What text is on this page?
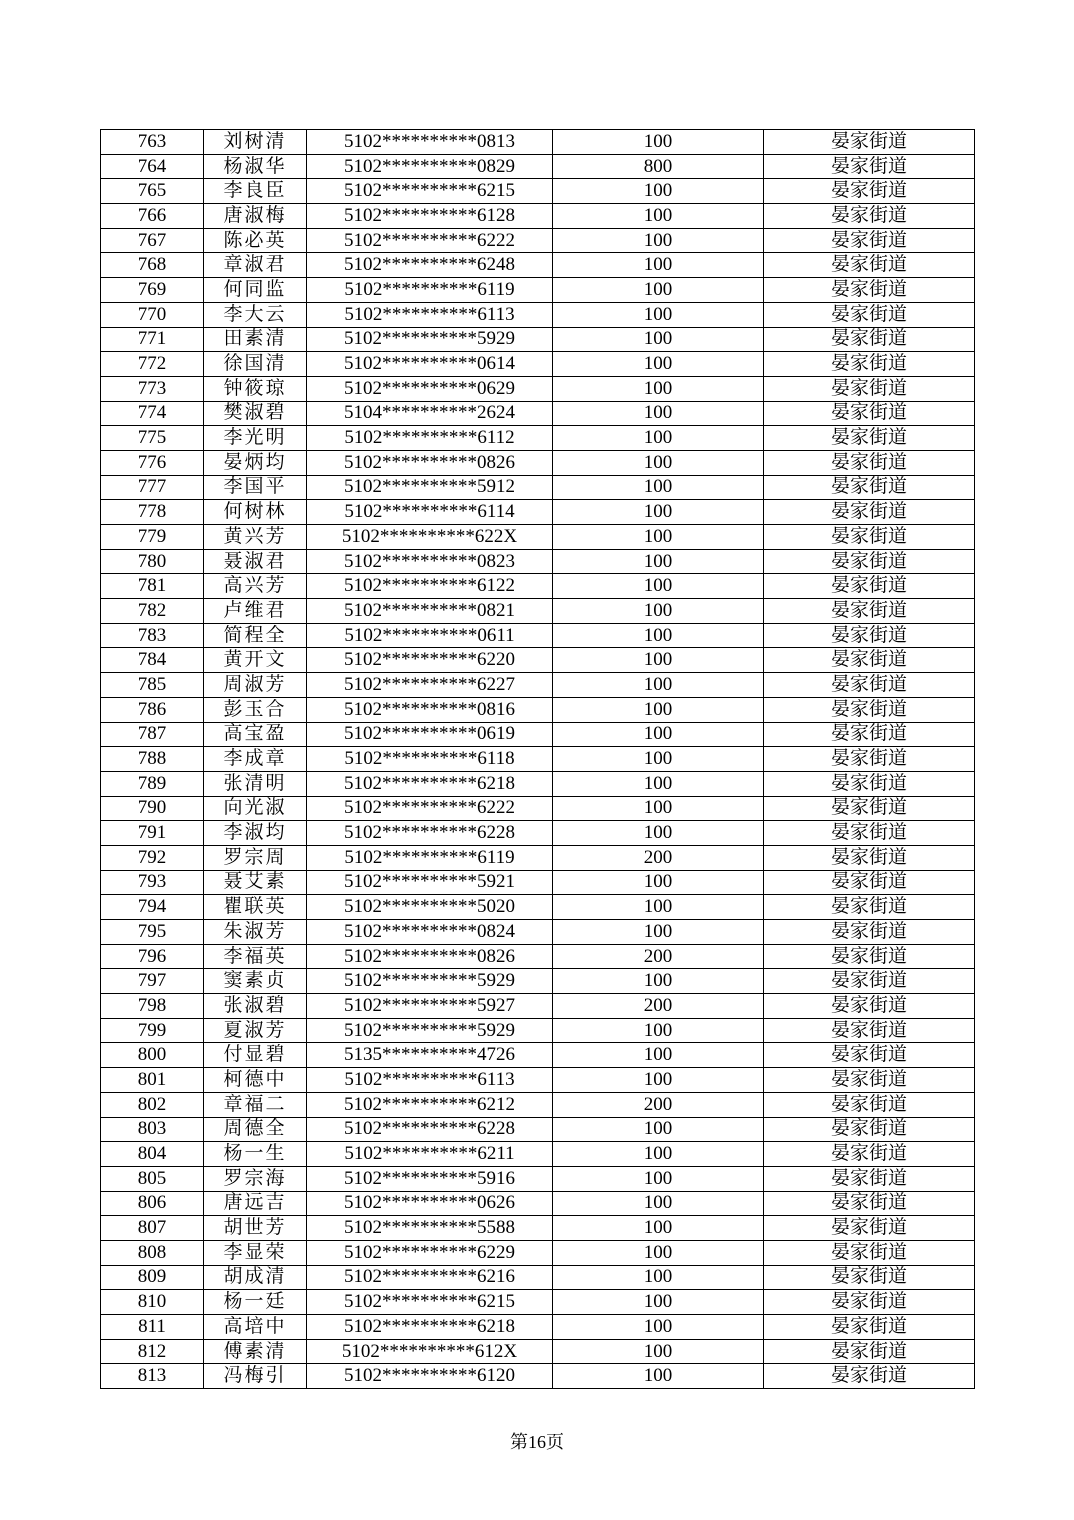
763	刘树清	5102**********0813	100	晏家街道
764	杨淑华	5102**********0829	800	晏家街道
765	李良臣	5102**********6215	100	晏家街道
766	唐淑梅	5102**********6128	100	晏家街道
767	陈必英	5102**********6222	100	晏家街道
768	章淑君	5102**********6248	100	晏家街道
769	何同监	5102**********6119	100	晏家街道
770	李大云	5102**********6113	100	晏家街道
771	田素清	5102**********5929	100	晏家街道
772	徐国清	5102**********0614	100	晏家街道
773	钟筱琼	5102**********0629	100	晏家街道
774	樊淑碧	5104**********2624	100	晏家街道
775	李光明	5102**********6112	100	晏家街道
776	晏炳均	5102**********0826	100	晏家街道
777	李国平	5102**********5912	100	晏家街道
778	何树林	5102**********6114	100	晏家街道
779	黄兴芳	5102**********622X	100	晏家街道
780	聂淑君	5102**********0823	100	晏家街道
781	高兴芳	5102**********6122	100	晏家街道
782	卢维君	5102**********0821	100	晏家街道
783	简程全	5102**********0611	100	晏家街道
784	黄开文	5102**********6220	100	晏家街道
785	周淑芳	5102**********6227	100	晏家街道
786	彭玉合	5102**********0816	100	晏家街道
787	高宝盈	5102**********0619	100	晏家街道
788	李成章	5102**********6118	100	晏家街道
789	张清明	5102**********6218	100	晏家街道
790	向光淑	5102**********6222	100	晏家街道
791	李淑均	5102**********6228	100	晏家街道
792	罗宗周	5102**********6119	200	晏家街道
793	聂艾素	5102**********5921	100	晏家街道
794	瞿联英	5102**********5020	100	晏家街道
795	朱淑芳	5102**********0824	100	晏家街道
796	李福英	5102**********0826	200	晏家街道
797	窦素贞	5102**********5929	100	晏家街道
798	张淑碧	5102**********5927	200	晏家街道
799	夏淑芳	5102**********5929	100	晏家街道
800	付显碧	5135**********4726	100	晏家街道
801	柯德中	5102**********6113	100	晏家街道
802	章福二	5102**********6212	200	晏家街道
803	周德全	5102**********6228	100	晏家街道
804	杨一生	5102**********6211	100	晏家街道
805	罗宗海	5102**********5916	100	晏家街道
806	唐远吉	5102**********0626	100	晏家街道
807	胡世芳	5102**********5588	100	晏家街道
808	李显荣	5102**********6229	100	晏家街道
809	胡成清	5102**********6216	100	晏家街道
810	杨一廷	5102**********6215	100	晏家街道
811	高培中	5102**********6218	100	晏家街道
812	傅素清	5102**********612X	100	晏家街道
813	冯梅引	5102**********6120	100	晏家街道
第16页
